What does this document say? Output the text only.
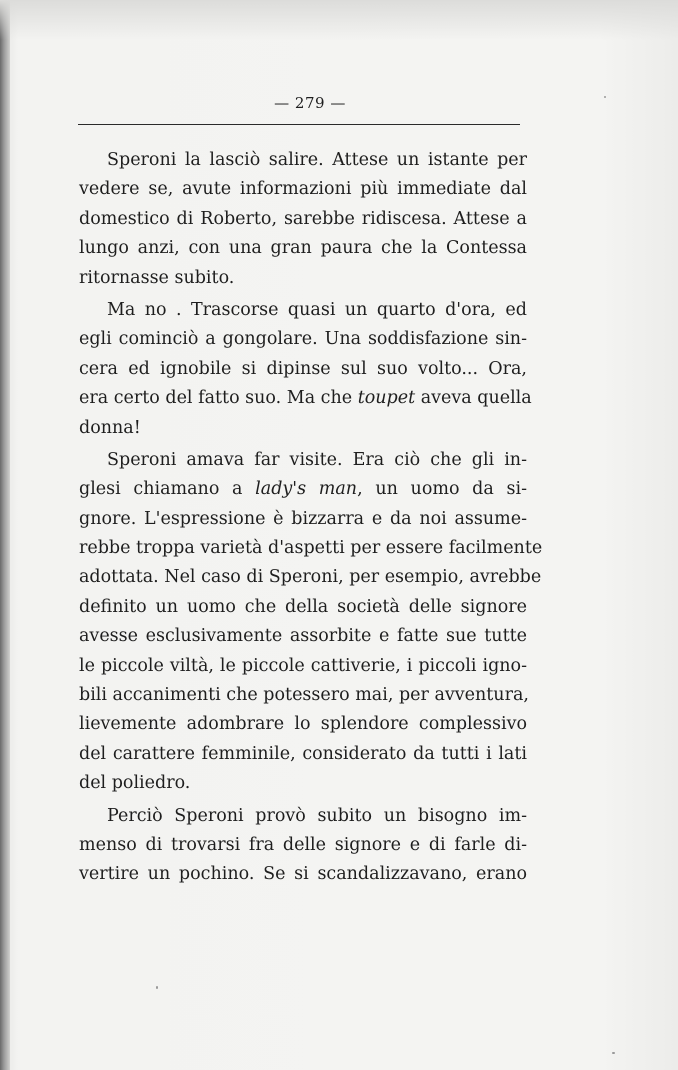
— 279 —
Speroni la lasciò salire. Attese un istante per
vedere se, avute informazioni più immediate dal
domestico di Roberto, sarebbe ridiscesa. Attese a
lungo anzi, con una gran paura che la Contessa
ritornasse subito.
Ma no . Trascorse quasi un quarto d'ora, ed
egli cominciò a gongolare. Una soddisfazione sin-
cera ed ignobile si dipinse sul suo volto... Ora,
era certo del fatto suo. Ma che toupet aveva quella
donna!
Speroni amava far visite. Era ciò che gli in-
glesi chiamano a lady's man, un uomo da si-
gnore. L'espressione è bizzarra e da noi assume-
rebbe troppa varietà d'aspetti per essere facilmente
adottata. Nel caso di Speroni, per esempio, avrebbe
definito un uomo che della società delle signore
avesse esclusivamente assorbite e fatte sue tutte
le piccole viltà, le piccole cattiverie, i piccoli igno-
bili accanimenti che potessero mai, per avventura,
lievemente adombrare lo splendore complessivo
del carattere femminile, considerato da tutti i lati
del poliedro.
Perciò Speroni provò subito un bisogno im-
menso di trovarsi fra delle signore e di farle di-
vertire un pochino. Se si scandalizzavano, erano
